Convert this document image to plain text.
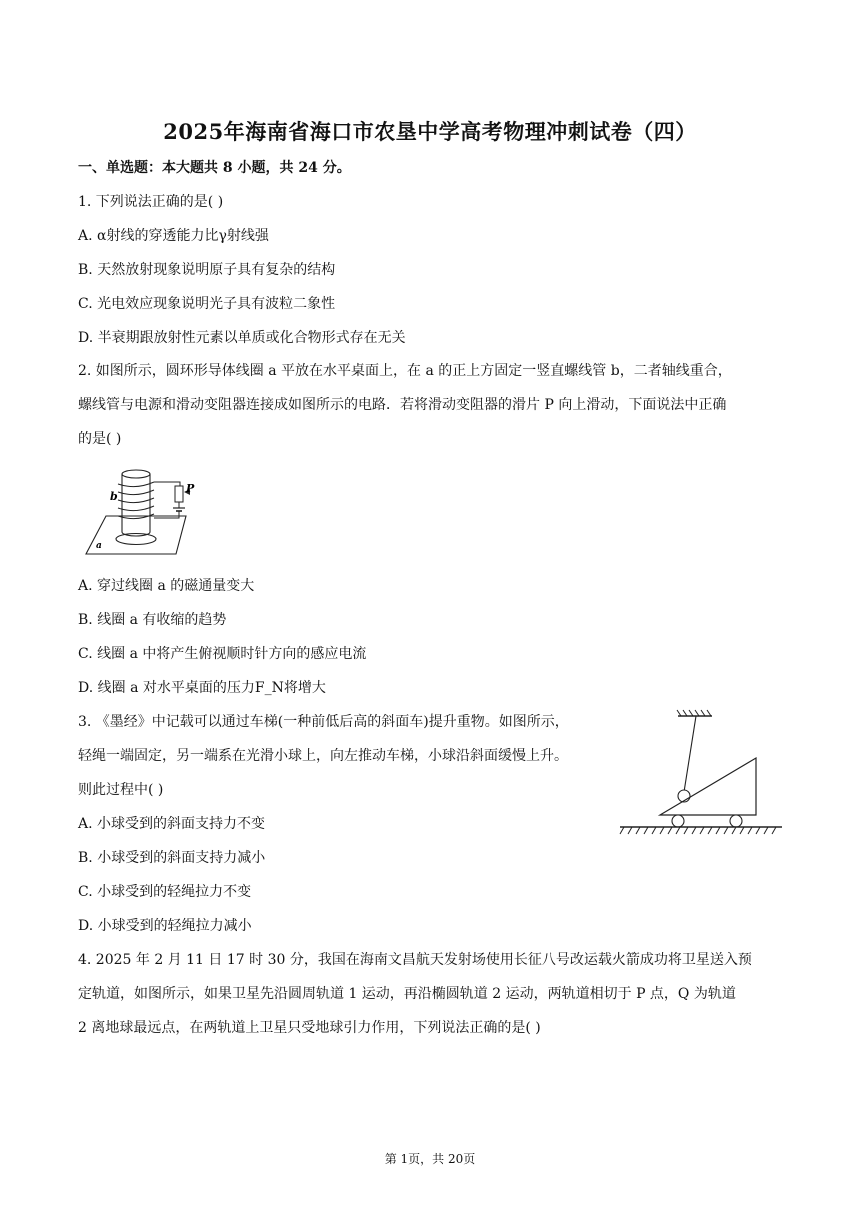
2025年海南省海口市农垦中学高考物理冲刺试卷（四）

一、单选题：本大题共 8 小题，共 24 分。

1. 下列说法正确的是( )

A. α射线的穿透能力比γ射线强

B. 天然放射现象说明原子具有复杂的结构

C. 光电效应现象说明光子具有波粒二象性

D. 半衰期跟放射性元素以单质或化合物形式存在无关

2. 如图所示，圆环形导体线圈 a 平放在水平桌面上，在 a 的正上方固定一竖直螺线管 b，二者轴线重合，

螺线管与电源和滑动变阻器连接成如图所示的电路．若将滑动变阻器的滑片 P 向上滑动，下面说法中正确

的是( )

b
P
a

A. 穿过线圈 a 的磁通量变大

B. 线圈 a 有收缩的趋势

C. 线圈 a 中将产生俯视顺时针方向的感应电流

D. 线圈 a 对水平桌面的压力F_N将增大

3. 《墨经》中记载可以通过车梯(一种前低后高的斜面车)提升重物。如图所示，

轻绳一端固定，另一端系在光滑小球上，向左推动车梯，小球沿斜面缓慢上升。

则此过程中( )

A. 小球受到的斜面支持力不变

B. 小球受到的斜面支持力减小

C. 小球受到的轻绳拉力不变

D. 小球受到的轻绳拉力减小

4. 2025 年 2 月 11 日 17 时 30 分，我国在海南文昌航天发射场使用长征八号改运载火箭成功将卫星送入预

定轨道，如图所示，如果卫星先沿圆周轨道 1 运动，再沿椭圆轨道 2 运动，两轨道相切于 P 点，Q 为轨道

2 离地球最远点，在两轨道上卫星只受地球引力作用，下列说法正确的是( )

第 1页，共 20页
